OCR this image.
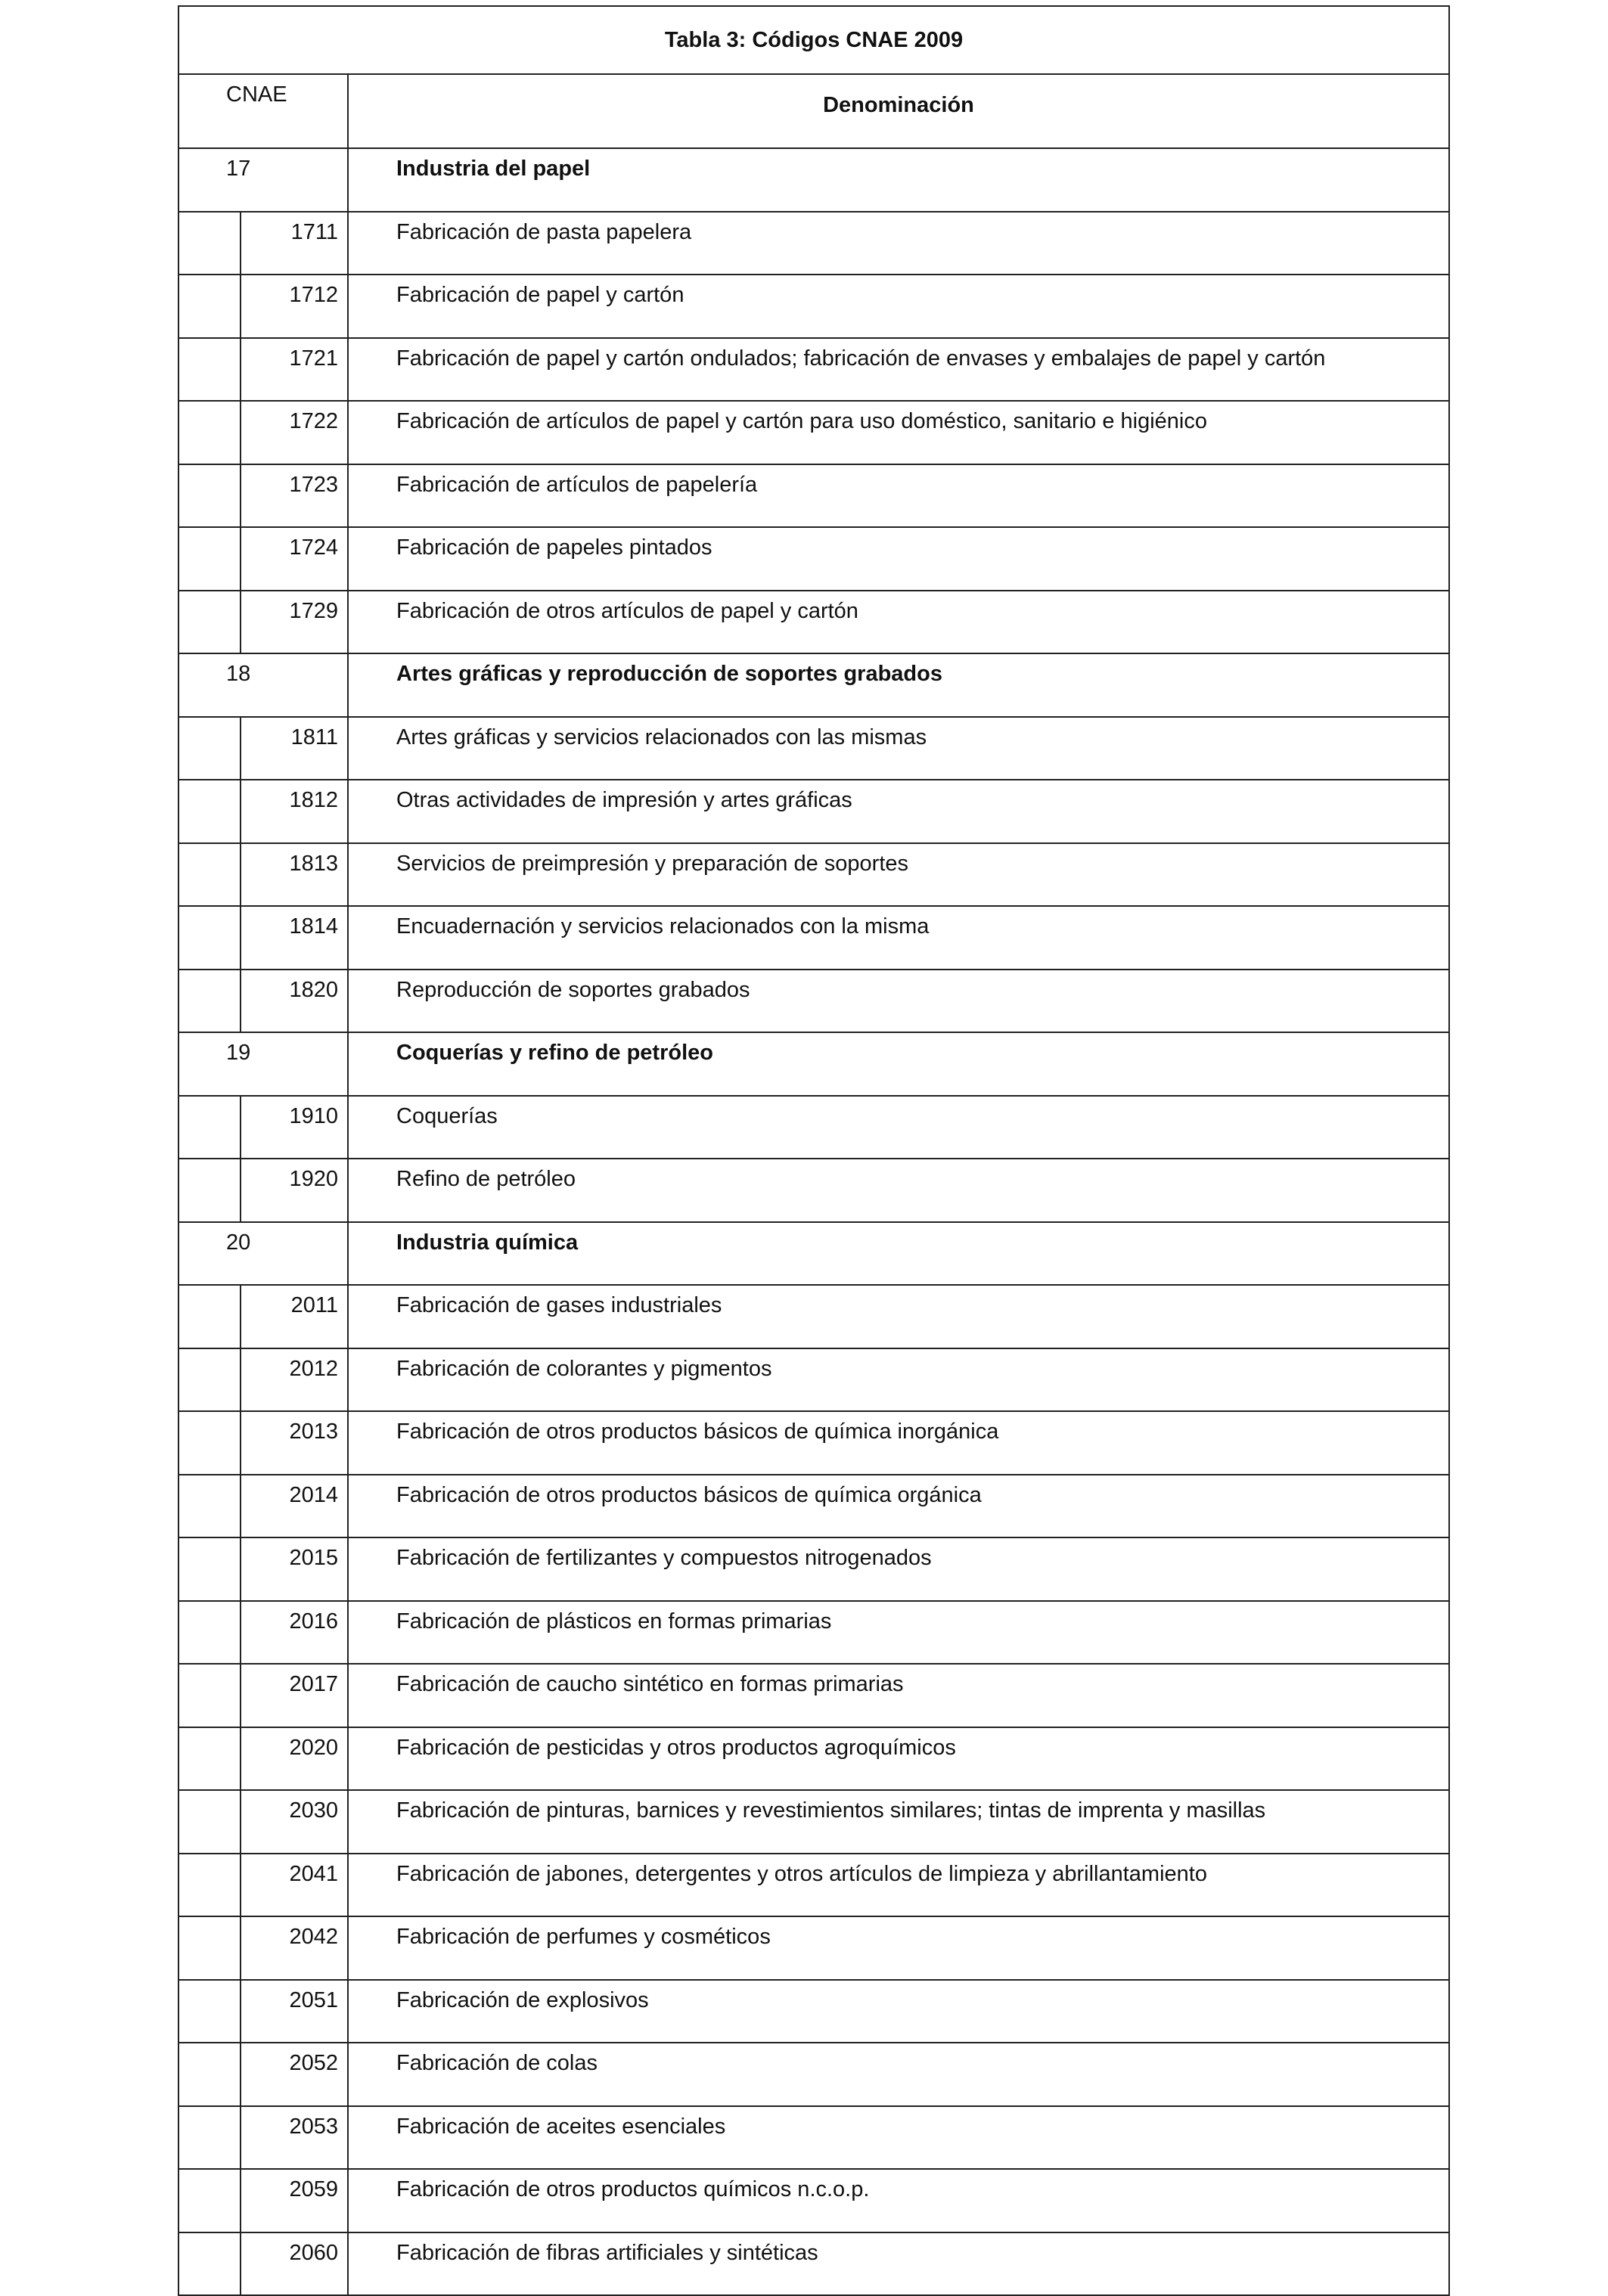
Tabla 3: Códigos CNAE 2009		
CNAE		Denominación
17		Industria del papel
	1711	Fabricación de pasta papelera
	1712	Fabricación de papel y cartón
	1721	Fabricación de papel y cartón ondulados; fabricación de envases y embalajes de papel y cartón
	1722	Fabricación de artículos de papel y cartón para uso doméstico, sanitario e higiénico
	1723	Fabricación de artículos de papelería
	1724	Fabricación de papeles pintados
	1729	Fabricación de otros artículos de papel y cartón
18		Artes gráficas y reproducción de soportes grabados
	1811	Artes gráficas y servicios relacionados con las mismas
	1812	Otras actividades de impresión y artes gráficas
	1813	Servicios de preimpresión y preparación de soportes
	1814	Encuadernación y servicios relacionados con la misma
	1820	Reproducción de soportes grabados
19		Coquerías y refino de petróleo
	1910	Coquerías
	1920	Refino de petróleo
20		Industria química
	2011	Fabricación de gases industriales
	2012	Fabricación de colorantes y pigmentos
	2013	Fabricación de otros productos básicos de química inorgánica
	2014	Fabricación de otros productos básicos de química orgánica
	2015	Fabricación de fertilizantes y compuestos nitrogenados
	2016	Fabricación de plásticos en formas primarias
	2017	Fabricación de caucho sintético en formas primarias
	2020	Fabricación de pesticidas y otros productos agroquímicos
	2030	Fabricación de pinturas, barnices y revestimientos similares; tintas de imprenta y masillas
	2041	Fabricación de jabones, detergentes y otros artículos de limpieza y abrillantamiento
	2042	Fabricación de perfumes y cosméticos
	2051	Fabricación de explosivos
	2052	Fabricación de colas
	2053	Fabricación de aceites esenciales
	2059	Fabricación de otros productos químicos n.c.o.p.
	2060	Fabricación de fibras artificiales y sintéticas
